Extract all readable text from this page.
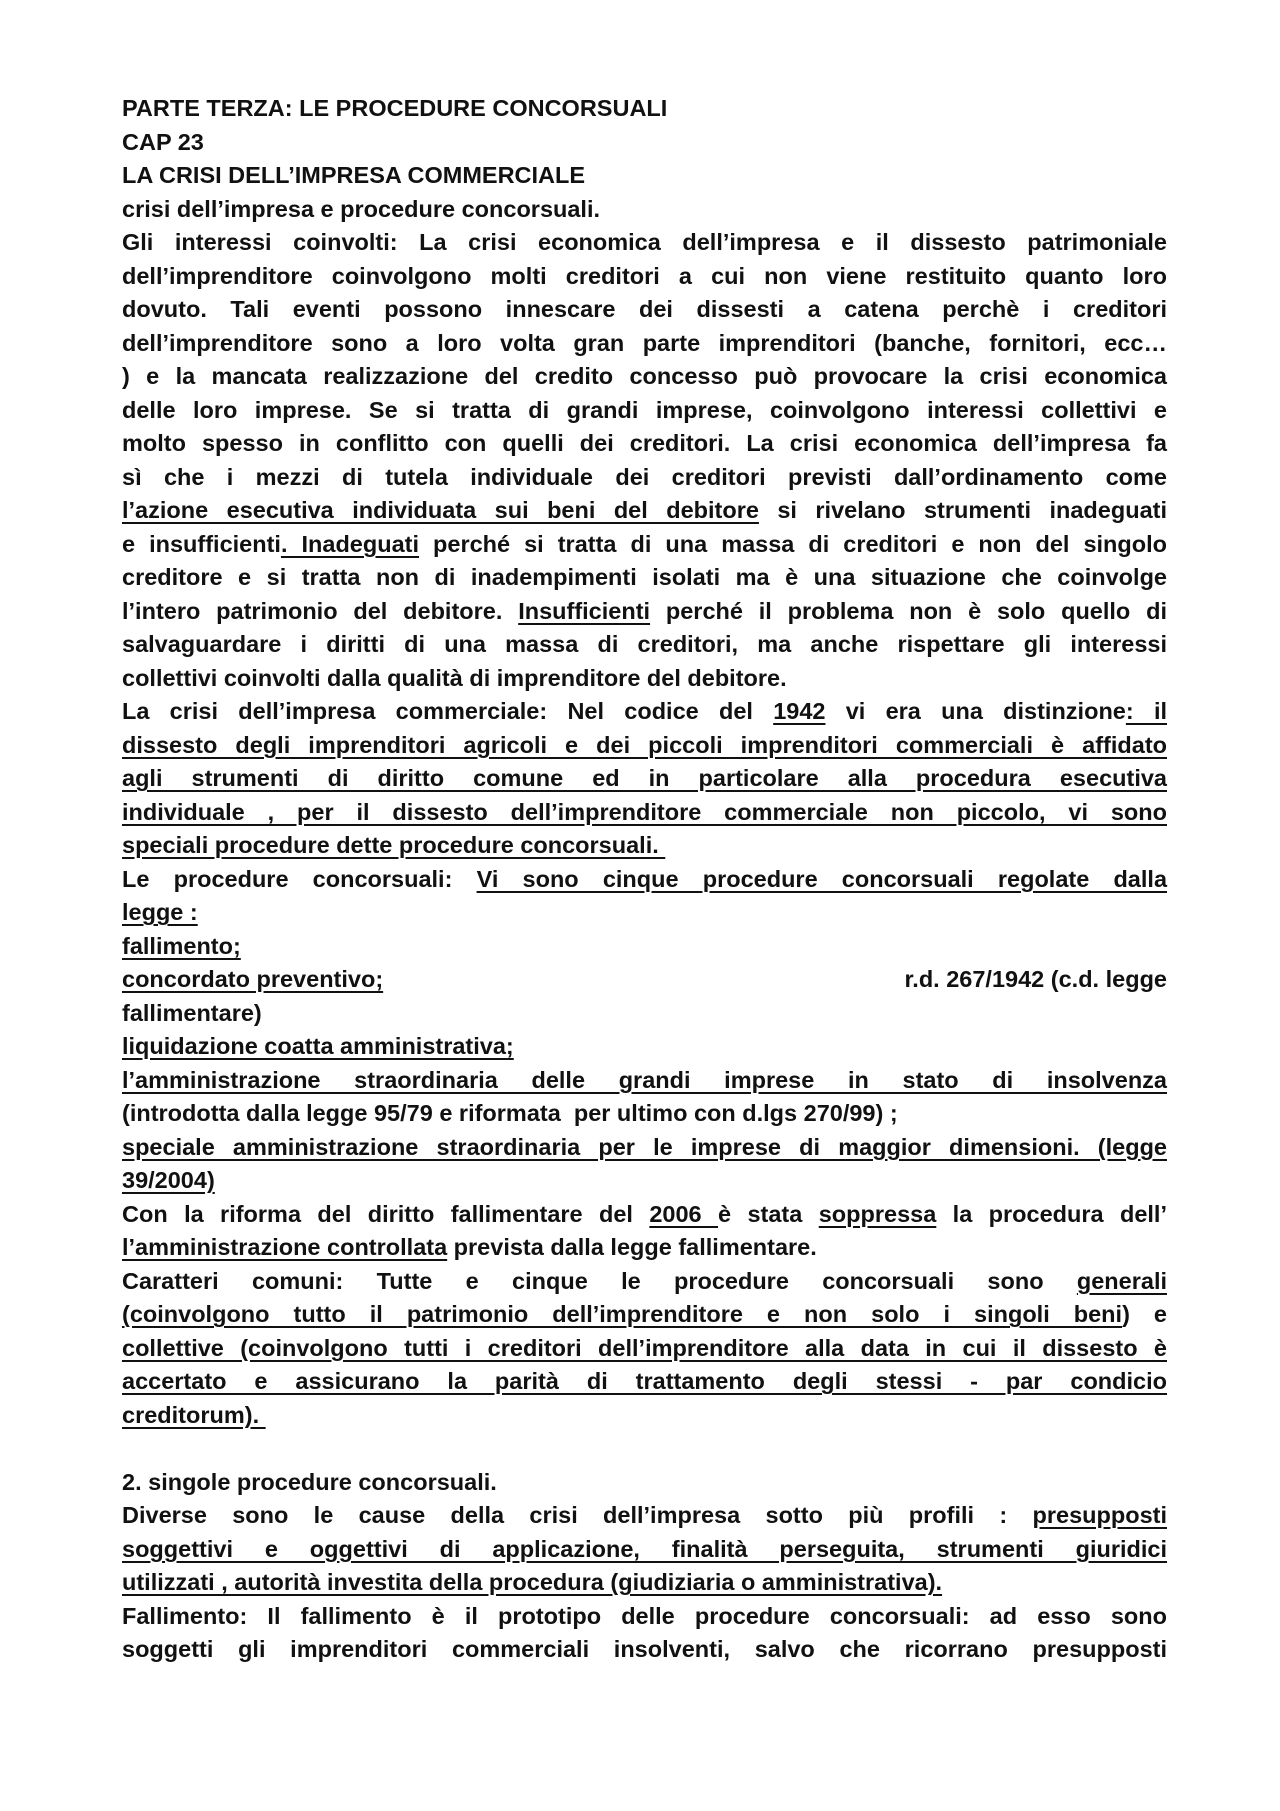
PARTE TERZA: LE PROCEDURE CONCORSUALI
CAP 23
LA CRISI DELL’IMPRESA COMMERCIALE
crisi dell’impresa e procedure concorsuali.
Gli interessi coinvolti: La crisi economica dell’impresa e il dissesto patrimoniale
dell’imprenditore coinvolgono molti creditori a cui non viene restituito quanto loro
dovuto. Tali eventi possono innescare dei dissesti a catena perchè i creditori
dell’imprenditore sono a loro volta gran parte imprenditori (banche, fornitori, ecc…
) e la mancata realizzazione del credito concesso può provocare la crisi economica
delle loro imprese. Se si tratta di grandi imprese, coinvolgono interessi collettivi e
molto spesso in conflitto con quelli dei creditori. La crisi economica dell’impresa fa
sì che i mezzi di tutela individuale dei creditori previsti dall’ordinamento come
l’azione esecutiva individuata sui beni del debitore si rivelano strumenti inadeguati
e insufficienti. Inadeguati perché si tratta di una massa di creditori e non del singolo
creditore e si tratta non di inadempimenti isolati ma è una situazione che coinvolge
l’intero patrimonio del debitore. Insufficienti perché il problema non è solo quello di
salvaguardare i diritti di una massa di creditori, ma anche rispettare gli interessi
collettivi coinvolti dalla qualità di imprenditore del debitore.
La crisi dell’impresa commerciale: Nel codice del 1942 vi era una distinzione: il
dissesto degli imprenditori agricoli e dei piccoli imprenditori commerciali è affidato
agli strumenti di diritto comune ed in particolare alla procedura esecutiva
individuale , per il dissesto dell’imprenditore commerciale non piccolo, vi sono
speciali procedure dette procedure concorsuali.
Le procedure concorsuali: Vi sono cinque procedure concorsuali regolate dalla
legge :
fallimento;
concordato preventivo;	r.d. 267/1942 (c.d. legge
fallimentare)
liquidazione coatta amministrativa;
l’amministrazione straordinaria delle grandi imprese in stato di insolvenza
(introdotta dalla legge 95/79 e riformata  per ultimo con d.lgs 270/99) ;
speciale amministrazione straordinaria per le imprese di maggior dimensioni. (legge
39/2004)
Con la riforma del diritto fallimentare del 2006 è stata soppressa la procedura dell’
l’amministrazione controllata prevista dalla legge fallimentare.
Caratteri comuni: Tutte e cinque le procedure concorsuali sono generali
(coinvolgono tutto il patrimonio dell’imprenditore e non solo i singoli beni) e
collettive (coinvolgono tutti i creditori dell’imprenditore alla data in cui il dissesto è
accertato e assicurano la parità di trattamento degli stessi - par condicio
creditorum).
2. singole procedure concorsuali.
Diverse sono le cause della crisi dell’impresa sotto più profili : presupposti
soggettivi e oggettivi di applicazione, finalità perseguita, strumenti giuridici
utilizzati , autorità investita della procedura (giudiziaria o amministrativa).
Fallimento: Il fallimento è il prototipo delle procedure concorsuali: ad esso sono
soggetti gli imprenditori commerciali insolventi, salvo che ricorrano presupposti
